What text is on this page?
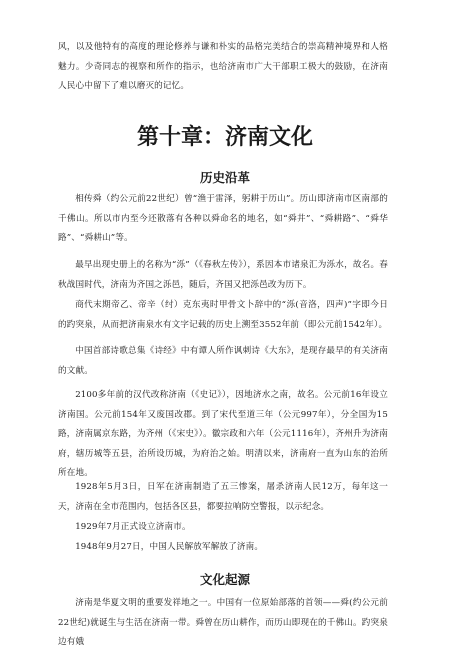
风，以及他特有的高度的理论修养与谦和朴实的品格完美结合的崇高精神境界和人格魅力。少奇同志的视察和所作的指示，也给济南市广大干部职工极大的鼓励，在济南人民心中留下了难以磨灭的记忆。

第十章：济南文化
历史沿革

相传舜（约公元前22世纪）曾“渔于雷泽，躬耕于历山”。历山即济南市区南部的千佛山。所以市内至今还散落有各种以舜命名的地名，如“舜井”、“舜耕路”、“舜华路”、“舜耕山”等。

最早出现史册上的名称为“泺”（《春秋左传》），系因本市诸泉汇为泺水，故名。春秋战国时代，济南为齐国之泺邑，随后，齐国又把泺邑改为历下。

商代末期帝乙、帝辛（纣）克东夷时甲骨文卜辞中的“泺(音洛，四声)”字即今日的趵突泉，从而把济南泉水有文字记载的历史上溯至3552年前（即公元前1542年）。

中国首部诗歌总集《诗经》中有谭人所作讽刺诗《大东》，是现存最早的有关济南的文献。

2100多年前的汉代改称济南（《史记》），因地济水之南，故名。公元前16年设立济南国。公元前154年又废国改郡。到了宋代至道三年（公元997年），分全国为15路，济南属京东路，为齐州（《宋史》）。徽宗政和六年（公元1116年），齐州升为济南府，辖历城等五县，治所设历城，为府治之始。明清以来，济南府一直为山东的治所所在地。

1928年5月3日，日军在济南制造了五三惨案，屠杀济南人民12万，每年这一天，济南在全市范围内，包括各区县，都要拉响防空警报，以示纪念。

1929年7月正式设立济南市。

1948年9月27日，中国人民解放军解放了济南。

文化起源

济南是华夏文明的重要发祥地之一。中国有一位原始部落的首领——舜(约公元前22世纪)就诞生与生活在济南一带。舜曾在历山耕作，而历山即现在的千佛山。趵突泉边有娥
